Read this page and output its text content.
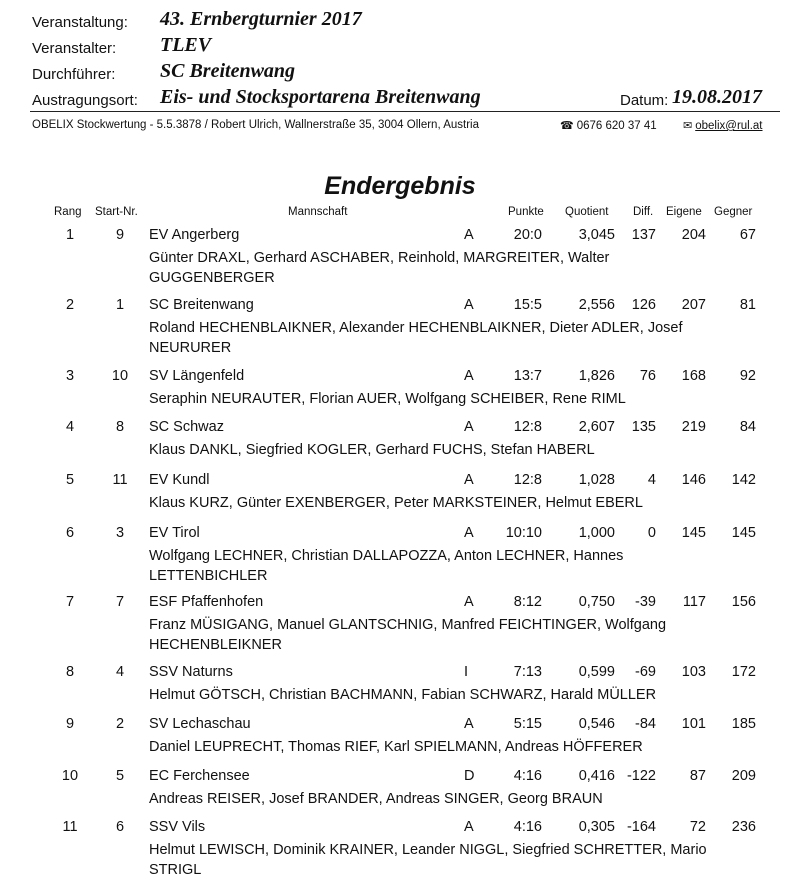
Veranstaltung: 43. Ernbergturnier 2017
Veranstalter: TLEV
Durchführer: SC Breitenwang
Austragungsort: Eis- und Stocksportarena Breitenwang	Datum: 19.08.2017
OBELIX Stockwertung - 5.5.3878 / Robert Ulrich, Wallnerstraße 35, 3004 Ollern, Austria	☎ 0676 620 37 41 ✉ obelix@rul.at
Endergebnis
Rang Start-Nr.	Mannschaft	Punkte Quotient Diff. Eigene Gegner
1	9	EV Angerberg	A	20:0	3,045	137	204	67
Günter DRAXL, Gerhard ASCHABER, Reinhold, MARGREITER, Walter GUGGENBERGER
2	1	SC Breitenwang	A	15:5	2,556	126	207	81
Roland HECHENBLAIKNER, Alexander HECHENBLAIKNER, Dieter ADLER, Josef NEURURER
3	10	SV Längenfeld	A	13:7	1,826	76	168	92
Seraphin NEURAUTER, Florian AUER, Wolfgang SCHEIBER, Rene RIML
4	8	SC Schwaz	A	12:8	2,607	135	219	84
Klaus DANKL, Siegfried KOGLER, Gerhard FUCHS, Stefan HABERL
5	11	EV Kundl	A	12:8	1,028	4	146	142
Klaus KURZ, Günter EXENBERGER, Peter MARKSTEINER, Helmut EBERL
6	3	EV Tirol	A	10:10	1,000	0	145	145
Wolfgang LECHNER, Christian DALLAPOZZA, Anton LECHNER, Hannes LETTENBICHLER
7	7	ESF Pfaffenhofen	A	8:12	0,750	-39	117	156
Franz MÜSIGANG, Manuel GLANTSCHNIG, Manfred FEICHTINGER, Wolfgang HECHENBLEIKNER
8	4	SSV Naturns	I	7:13	0,599	-69	103	172
Helmut GÖTSCH, Christian BACHMANN, Fabian SCHWARZ, Harald MÜLLER
9	2	SV Lechaschau	A	5:15	0,546	-84	101	185
Daniel LEUPRECHT, Thomas RIEF, Karl SPIELMANN, Andreas HÖFFERER
10	5	EC Ferchensee	D	4:16	0,416 -122	87	209
Andreas REISER, Josef BRANDER, Andreas SINGER, Georg BRAUN
11	6	SSV Vils	A	4:16	0,305 -164	72	236
Helmut LEWISCH, Dominik KRAINER, Leander NIGGL, Siegfried SCHRETTER, Mario STRIGL
